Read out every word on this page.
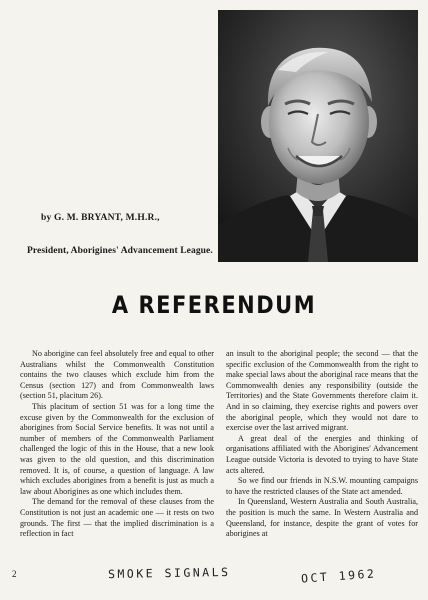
by G. M. BRYANT, M.H.R.,
President, Aborigines' Advancement League.
A REFERENDUM

No aborigine can feel absolutely free and equal to other Australians whilst the Commonwealth Constitution contains the two clauses which exclude him from the Census (section 127) and from Commonwealth laws (section 51, placitum 26).

This placitum of section 51 was for a long time the excuse given by the Commonwealth for the exclusion of aborigines from Social Service benefits. It was not until a number of members of the Commonwealth Parliament challenged the logic of this in the House, that a new look was given to the old question, and this discrimination removed. It is, of course, a question of language. A law which excludes aborigines from a benefit is just as much a law about Aborigines as one which includes them.

The demand for the removal of these clauses from the Constitution is not just an academic one — it rests on two grounds. The first — that the implied discrimination is a reflection in fact

an insult to the aboriginal people; the second — that the specific exclusion of the Commonwealth from the right to make special laws about the aboriginal race means that the Commonwealth denies any responsibility (outside the Territories) and the State Governments therefore claim it. And in so claiming, they exercise rights and powers over the aboriginal people, which they would not dare to exercise over the last arrived migrant.

A great deal of the energies and thinking of organisations affiliated with the Aborigines' Advancement League outside Victoria is devoted to trying to have State acts altered.

So we find our friends in N.S.W. mounting campaigns to have the restricted clauses of the State act amended.

In Queensland, Western Australia and South Australia, the position is much the same. In Western Australia and Queensland, for instance, despite the grant of votes for aborigines at

2	SMOKE SIGNALS	OCT 1962
